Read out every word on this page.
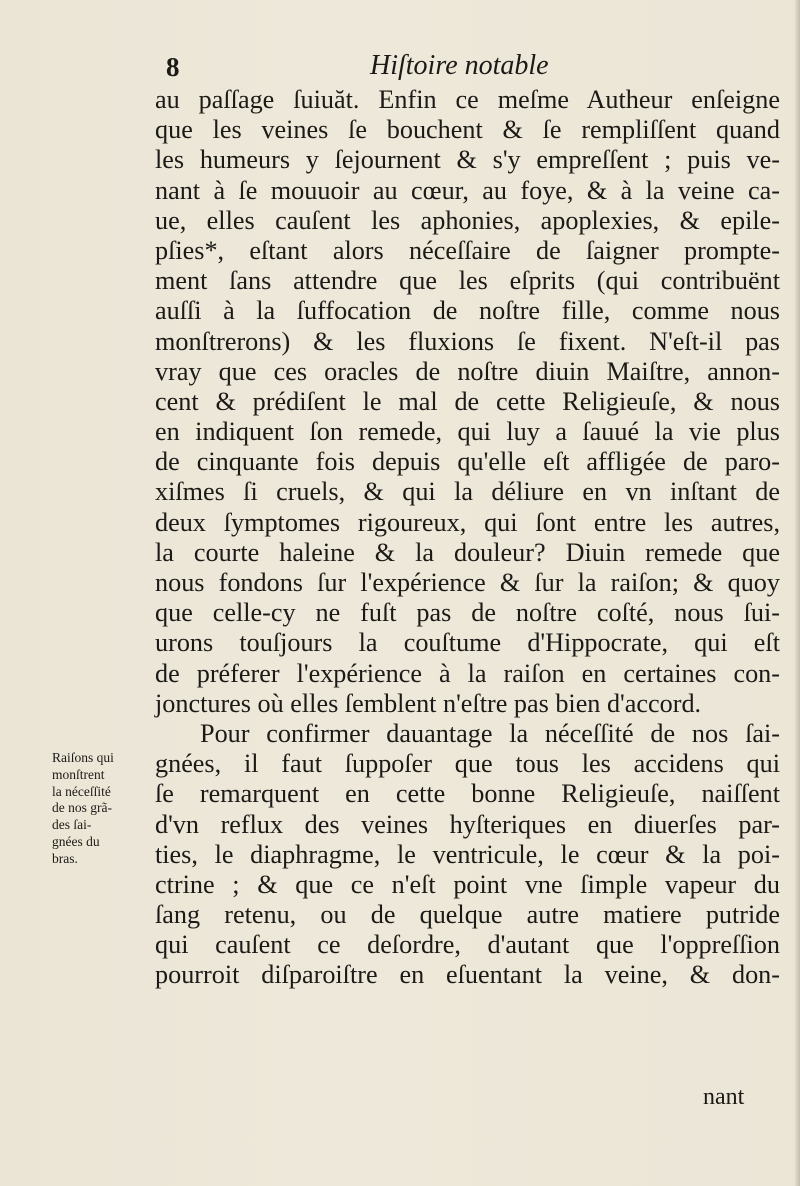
8	Hiſtoire notable
au paſſage ſuiuăt. Enfin ce meſme Autheur enſeigne
que les veines ſe bouchent & ſe rempliſſent quand
les humeurs y ſejournent & s'y empreſſent ; puis ve-
nant à ſe mouuoir au cœur, au foye, & à la veine ca-
ue, elles cauſent les aphonies, apoplexies, & epile-
pſies*, eſtant alors néceſſaire de ſaigner prompte-
ment ſans attendre que les eſprits (qui contribuënt
auſſi à la ſuffocation de noſtre fille, comme nous
monſtrerons) & les fluxions ſe fixent. N'eſt-il pas
vray que ces oracles de noſtre diuin Maiſtre, annon-
cent & prédiſent le mal de cette Religieuſe, & nous
en indiquent ſon remede, qui luy a ſauué la vie plus
de cinquante fois depuis qu'elle eſt affligée de paro-
xiſmes ſi cruels, & qui la déliure en vn inſtant de
deux ſymptomes rigoureux, qui ſont entre les autres,
la courte haleine & la douleur? Diuin remede que
nous fondons ſur l'expérience & ſur la raiſon; & quoy
que celle-cy ne fuſt pas de noſtre coſté, nous ſui-
urons touſjours la couſtume d'Hippocrate, qui eſt
de préferer l'expérience à la raiſon en certaines con-
jonctures où elles ſemblent n'eſtre pas bien d'accord.
Pour confirmer dauantage la néceſſité de nos ſai-
gnées, il faut ſuppoſer que tous les accidens qui
ſe remarquent en cette bonne Religieuſe, naiſſent
d'vn reflux des veines hyſteriques en diuerſes par-
ties, le diaphragme, le ventricule, le cœur & la poi-
ctrine ; & que ce n'eſt point vne ſimple vapeur du
ſang retenu, ou de quelque autre matiere putride
qui cauſent ce deſordre, d'autant que l'oppreſſion
pourroit diſparoiſtre en eſuentant la veine, & don-
nant
Raiſons qui
monſtrent
la néceſſité
de nos grã-
des ſai-
gnées du
bras.
